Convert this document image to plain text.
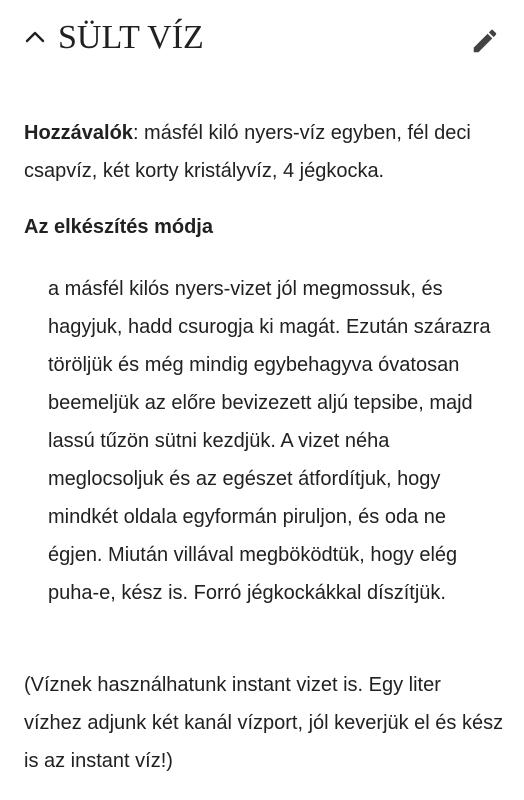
SÜLT VÍZ

Hozzávalók: másfél kiló nyers-víz egyben, fél deci csapvíz, két korty kristályvíz, 4 jégkocka.

Az elkészítés módja

a másfél kilós nyers-vizet jól megmossuk, és hagyjuk, hadd csurogja ki magát. Ezután szárazra töröljük és még mindig egybehagyva óvatosan beemeljük az előre bevizezett aljú tepsibe, majd lassú tűzön sütni kezdjük. A vizet néha meglocsoljuk és az egészet átfordítjuk, hogy mindkét oldala egyformán piruljon, és oda ne égjen. Miután villával megböködtük, hogy elég puha-e, kész is. Forró jégkockákkal díszítjük.

(Víznek használhatunk instant vizet is. Egy liter vízhez adjunk két kanál vízport, jól keverjük el és kész is az instant víz!)
